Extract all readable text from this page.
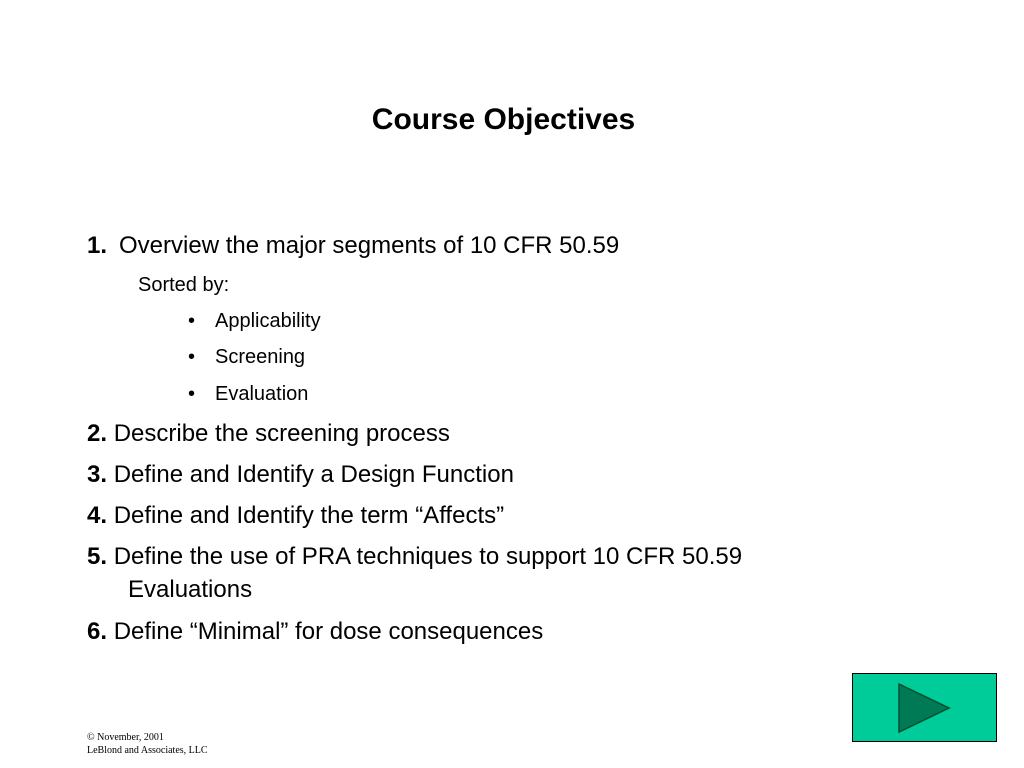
Course Objectives

1. Overview the major segments of 10 CFR 50.59

Sorted by:

• Applicability

• Screening

• Evaluation

2. Describe the screening process

3. Define and Identify a Design Function

4. Define and Identify the term “Affects”

5. Define the use of PRA techniques to support 10 CFR 50.59

Evaluations

6. Define “Minimal” for dose consequences

© November, 2001
LeBlond and Associates, LLC
